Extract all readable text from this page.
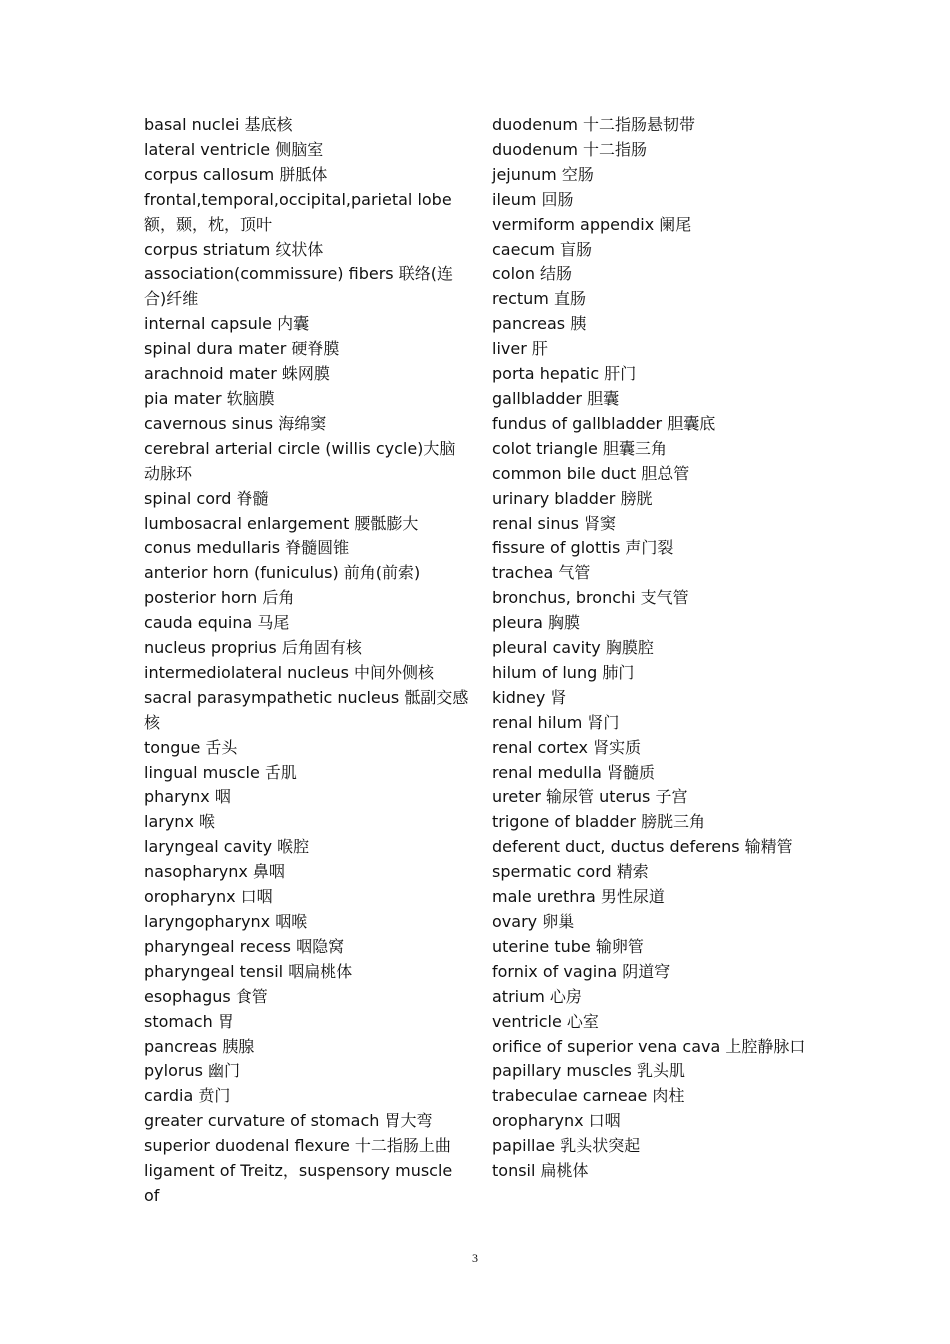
basal nuclei 基底核

lateral ventricle 侧脑室

corpus callosum 胼胝体

frontal,temporal,occipital,parietal lobe 额，颞，枕，顶叶

corpus striatum 纹状体

association(commissure) fibers 联络(连合)纤维

internal capsule 内囊

spinal dura mater 硬脊膜

arachnoid mater 蛛网膜

pia mater 软脑膜

cavernous sinus 海绵窦

cerebral arterial circle (willis cycle)大脑动脉环

spinal cord 脊髓

lumbosacral enlargement 腰骶膨大

conus medullaris 脊髓圆锥

anterior horn (funiculus) 前角(前索)

posterior horn 后角

cauda equina 马尾

nucleus proprius 后角固有核

intermediolateral nucleus 中间外侧核

sacral parasympathetic nucleus 骶副交感核

tongue 舌头

lingual muscle 舌肌

pharynx 咽

larynx 喉

laryngeal cavity 喉腔

nasopharynx 鼻咽

oropharynx 口咽

laryngopharynx 咽喉

pharyngeal recess 咽隐窝

pharyngeal tensil 咽扁桃体

esophagus 食管

stomach 胃

pancreas 胰腺

pylorus 幽门

cardia 贲门

greater curvature of stomach 胃大弯

superior duodenal flexure 十二指肠上曲

ligament of Treitz，suspensory muscle of

duodenum 十二指肠悬韧带

duodenum 十二指肠

jejunum 空肠

ileum 回肠

vermiform appendix 阑尾

caecum 盲肠

colon 结肠

rectum 直肠

pancreas 胰

liver 肝

porta hepatic 肝门

gallbladder 胆囊

fundus of gallbladder 胆囊底

colot triangle 胆囊三角

common bile duct 胆总管

urinary bladder 膀胱

renal sinus 肾窦

fissure of glottis 声门裂

trachea 气管

bronchus, bronchi 支气管

pleura 胸膜

pleural cavity 胸膜腔

hilum of lung 肺门

kidney 肾

renal hilum 肾门

renal cortex 肾实质

renal medulla 肾髓质

ureter 输尿管 uterus 子宫

trigone of bladder 膀胱三角

deferent duct, ductus deferens 输精管

spermatic cord 精索

male urethra 男性尿道

ovary 卵巢

uterine tube 输卵管

fornix of vagina 阴道穹

atrium 心房

ventricle 心室

orifice of superior vena cava 上腔静脉口

papillary muscles 乳头肌

trabeculae carneae 肉柱

oropharynx 口咽

papillae 乳头状突起

tonsil 扁桃体

3
